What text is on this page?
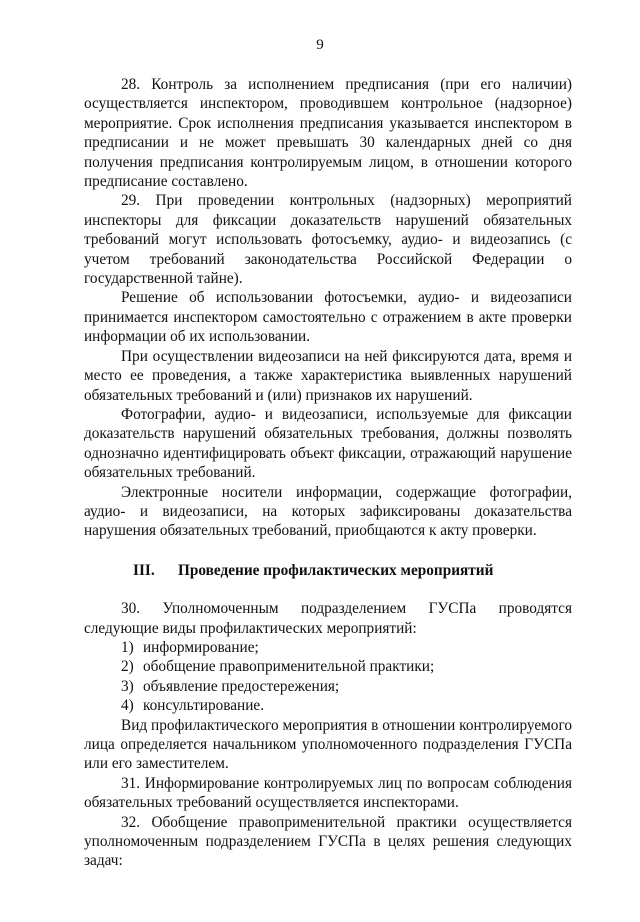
9

28. Контроль за исполнением предписания (при его наличии) осуществляется инспектором, проводившем контрольное (надзорное) мероприятие. Срок исполнения предписания указывается инспектором в предписании и не может превышать 30 календарных дней со дня получения предписания контролируемым лицом, в отношении которого предписание составлено.

29. При проведении контрольных (надзорных) мероприятий инспекторы для фиксации доказательств нарушений обязательных требований могут использовать фотосъемку, аудио- и видеозапись (с учетом требований законодательства Российской Федерации о государственной тайне).

Решение об использовании фотосъемки, аудио- и видеозаписи принимается инспектором самостоятельно с отражением в акте проверки информации об их использовании.

При осуществлении видеозаписи на ней фиксируются дата, время и место ее проведения, а также характеристика выявленных нарушений обязательных требований и (или) признаков их нарушений.

Фотографии, аудио- и видеозаписи, используемые для фиксации доказательств нарушений обязательных требования, должны позволять однозначно идентифицировать объект фиксации, отражающий нарушение обязательных требований.

Электронные носители информации, содержащие фотографии, аудио- и видеозаписи, на которых зафиксированы доказательства нарушения обязательных требований, приобщаются к акту проверки.

III. Проведение профилактических мероприятий

30. Уполномоченным подразделением ГУСПа проводятся следующие виды профилактических мероприятий:

1) информирование;

2) обобщение правоприменительной практики;

3) объявление предостережения;

4) консультирование.

Вид профилактического мероприятия в отношении контролируемого лица определяется начальником уполномоченного подразделения ГУСПа или его заместителем.

31. Информирование контролируемых лиц по вопросам соблюдения обязательных требований осуществляется инспекторами.

32. Обобщение правоприменительной практики осуществляется уполномоченным подразделением ГУСПа в целях решения следующих задач:
